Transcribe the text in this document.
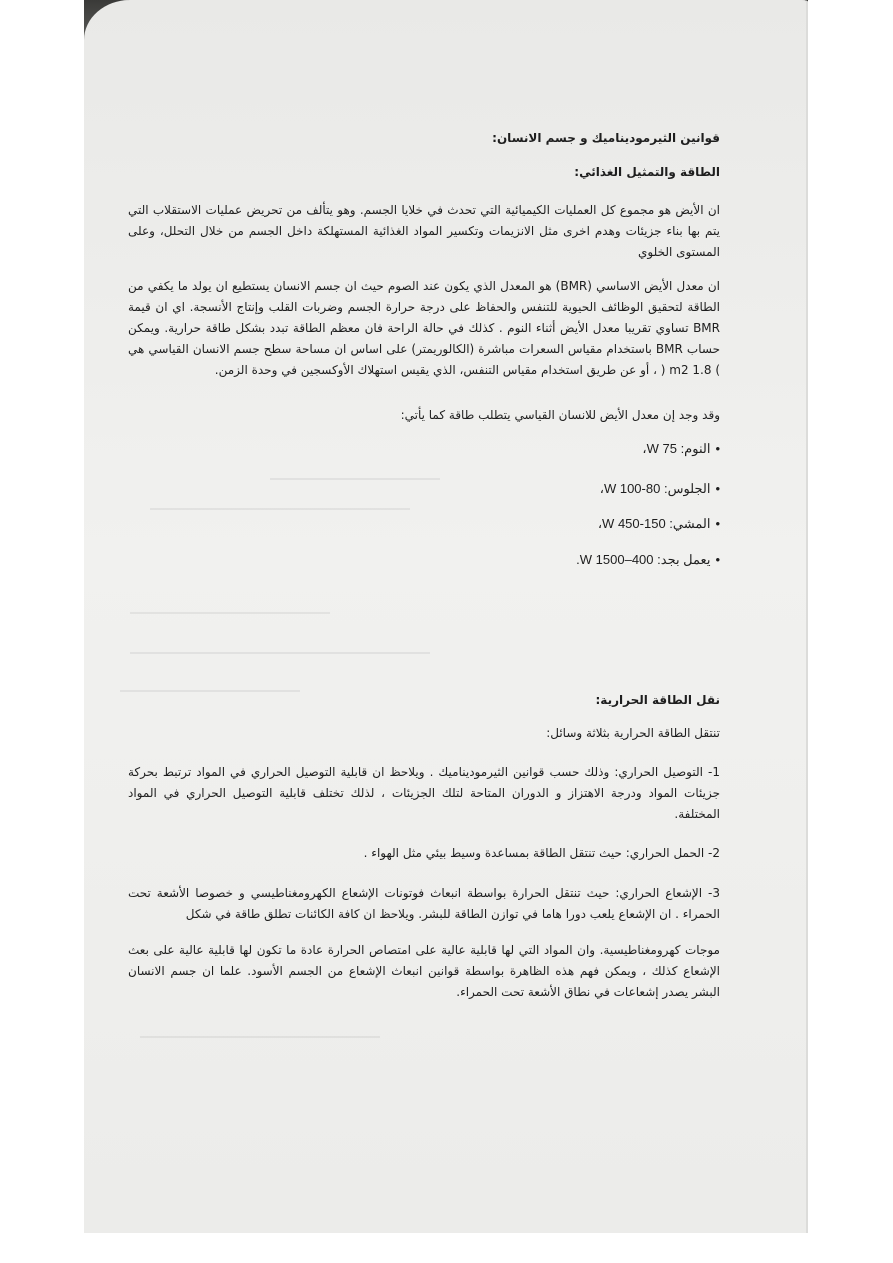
قوانين الثيرموديناميك و جسم الانسان:
الطاقة والتمثيل الغذائي:
ان الأيض هو مجموع كل العمليات الكيميائية التي تحدث في خلايا الجسم. وهو يتألف من تحريض عمليات الاستقلاب التي يتم بها بناء جزيئات وهدم اخرى مثل الانزيمات وتكسير المواد الغذائية المستهلكة داخل الجسم من خلال التحلل، وعلى المستوى الخلوي
ان معدل الأيض الاساسي (BMR) هو المعدل الذي يكون عند الصوم حيث ان جسم الانسان يستطيع ان يولد ما يكفي من الطاقة لتحقيق الوظائف الحيوية للتنفس والحفاظ على درجة حرارة الجسم وضربات القلب وإنتاج الأنسجة. اي ان قيمة BMR تساوي تقريبا معدل الأيض أثناء النوم . كذلك في حالة الراحة فان معظم الطاقة تبدد بشكل طاقة حرارية. ويمكن حساب BMR باستخدام مقياس السعرات مباشرة (الكالوريمتر) على اساس ان مساحة سطح جسم الانسان القياسي هي ) 1.8 m2 ( ، أو عن طريق استخدام مقياس التنفس، الذي يقيس استهلاك الأوكسجين في وحدة الزمن.
وقد وجد إن معدل الأيض للانسان القياسي يتطلب طاقة كما يأتي:
•النوم: 75 W،
•الجلوس: 80-100 W،
•المشي: 150-450 W،
•يعمل بجد: 400–1500 W.
نقل الطاقة الحرارية:
تنتقل الطاقة الحرارية بثلاثة وسائل:
1- التوصيل الحراري: وذلك حسب قوانين الثيرموديناميك . ويلاحظ ان قابلية التوصيل الحراري في المواد ترتبط بحركة جزيئات المواد ودرجة الاهتزاز و الدوران المتاحة لتلك الجزيئات ، لذلك تختلف قابلية التوصيل الحراري في المواد المختلفة.
2- الحمل الحراري: حيث تنتقل الطاقة بمساعدة وسيط بيئي مثل الهواء .
3- الإشعاع الحراري: حيث تنتقل الحرارة بواسطة انبعاث فوتونات الإشعاع الكهرومغناطيسي و خصوصا الأشعة تحت الحمراء . ان الإشعاع يلعب دورا هاما في توازن الطاقة للبشر. ويلاحظ ان كافة الكائنات تطلق طاقة في شكل
موجات كهرومغناطيسية. وان المواد التي لها قابلية عالية على امتصاص الحرارة عادة ما تكون لها قابلية عالية على بعث الإشعاع كذلك ، ويمكن فهم هذه الظاهرة بواسطة قوانين انبعاث الإشعاع من الجسم الأسود. علما ان جسم الانسان البشر يصدر إشعاعات في نطاق الأشعة تحت الحمراء.
